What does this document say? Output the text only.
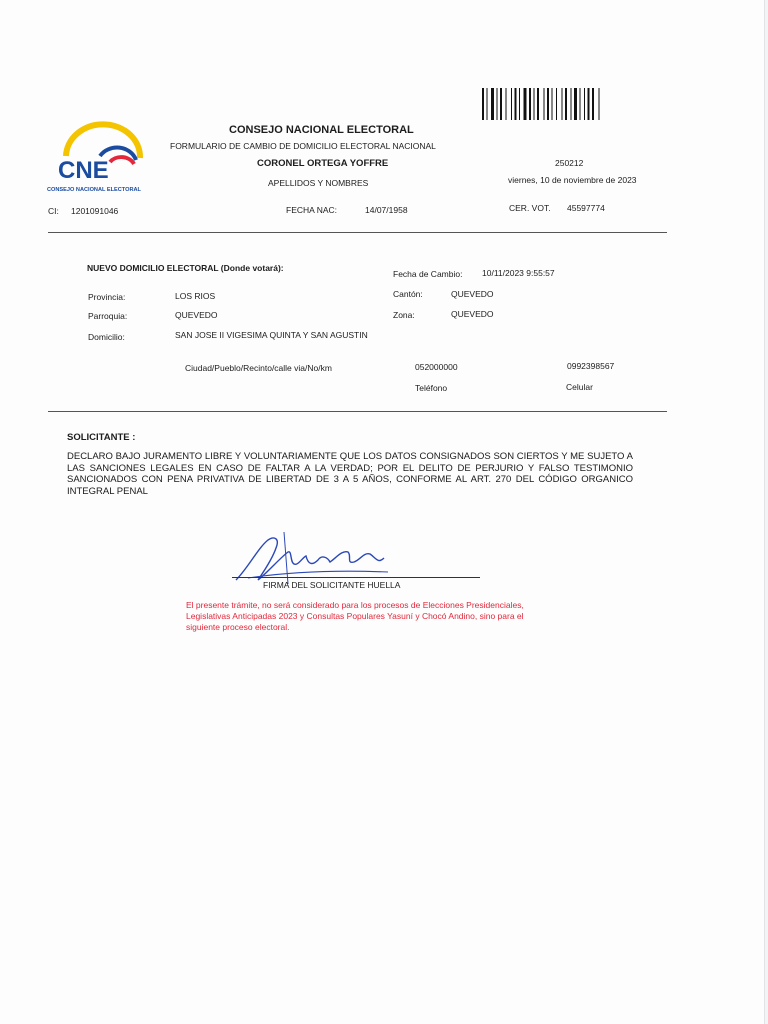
CNE
CONSEJO NACIONAL ELECTORAL
CONSEJO NACIONAL ELECTORAL
FORMULARIO DE CAMBIO DE DOMICILIO ELECTORAL NACIONAL
CORONEL ORTEGA YOFFRE
APELLIDOS Y NOMBRES
250212
viernes, 10 de noviembre de 2023
CI: 1201091046	FECHA NAC:	14/07/1958	CER. VOT. 45597774
NUEVO DOMICILIO ELECTORAL (Donde votará):
Fecha de Cambio: 10/11/2023 9:55:57
Provincia:	LOS RIOS	Cantón:	QUEVEDO
Parroquia:	QUEVEDO	Zona:	QUEVEDO
Domicilio:	SAN JOSE II VIGESIMA QUINTA Y SAN AGUSTIN
Ciudad/Pueblo/Recinto/calle via/No/km	052000000	0992398567
Teléfono	Celular
SOLICITANTE :
DECLARO BAJO JURAMENTO LIBRE Y VOLUNTARIAMENTE QUE LOS DATOS CONSIGNADOS SON CIERTOS Y ME SUJETO A LAS SANCIONES LEGALES EN CASO DE FALTAR A LA VERDAD; POR EL DELITO DE PERJURIO Y FALSO TESTIMONIO SANCIONADOS CON PENA PRIVATIVA DE LIBERTAD DE 3 A 5 AÑOS, CONFORME AL ART. 270 DEL CÓDIGO ORGANICO INTEGRAL PENAL
FIRMA DEL SOLICITANTE HUELLA
El presente trámite, no será considerado para los procesos de Elecciones Presidenciales, Legislativas Anticipadas 2023 y Consultas Populares Yasuní y Chocó Andino, sino para el siguiente proceso electoral.
